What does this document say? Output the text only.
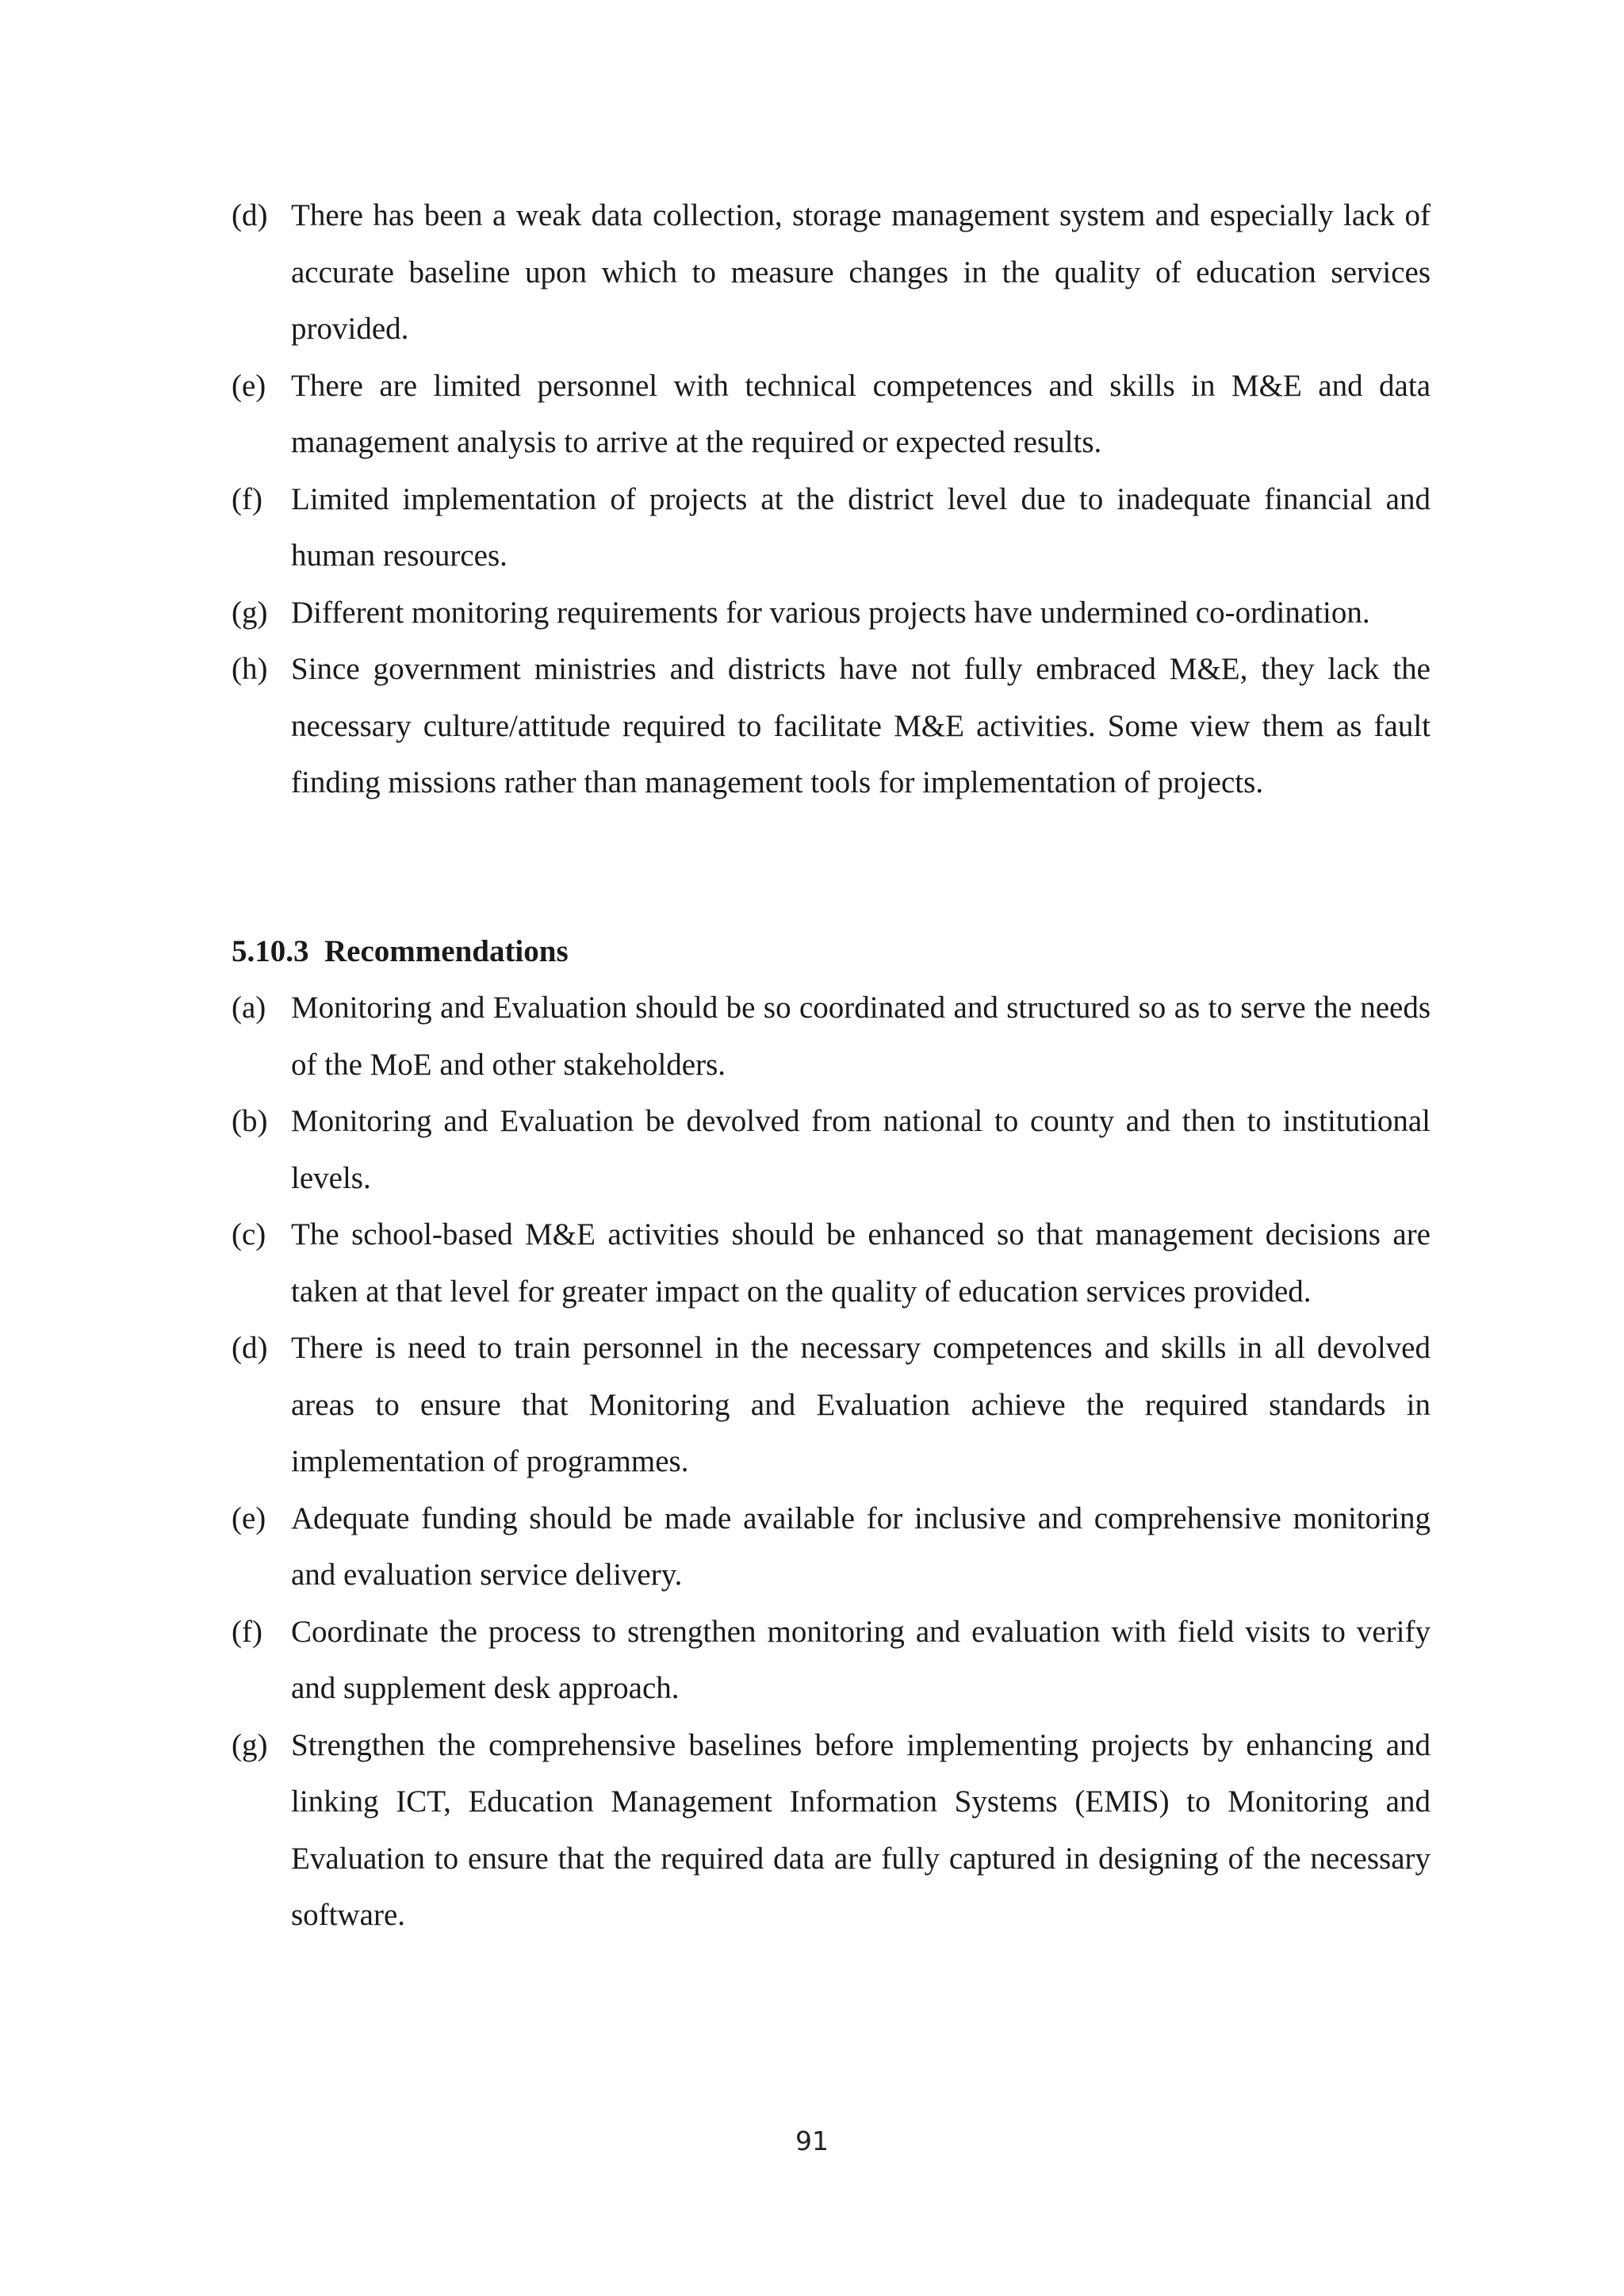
(d) There has been a weak data collection, storage management system and especially lack of accurate baseline upon which to measure changes in the quality of education services provided.
(e) There are limited personnel with technical competences and skills in M&E and data management analysis to arrive at the required or expected results.
(f) Limited implementation of projects at the district level due to inadequate financial and human resources.
(g) Different monitoring requirements for various projects have undermined co-ordination.
(h) Since government ministries and districts have not fully embraced M&E, they lack the necessary culture/attitude required to facilitate M&E activities. Some view them as fault finding missions rather than management tools for implementation of projects.
5.10.3 Recommendations
(a) Monitoring and Evaluation should be so coordinated and structured so as to serve the needs of the MoE and other stakeholders.
(b) Monitoring and Evaluation be devolved from national to county and then to institutional levels.
(c) The school-based M&E activities should be enhanced so that management decisions are taken at that level for greater impact on the quality of education services provided.
(d) There is need to train personnel in the necessary competences and skills in all devolved areas to ensure that Monitoring and Evaluation achieve the required standards in implementation of programmes.
(e) Adequate funding should be made available for inclusive and comprehensive monitoring and evaluation service delivery.
(f) Coordinate the process to strengthen monitoring and evaluation with field visits to verify and supplement desk approach.
(g) Strengthen the comprehensive baselines before implementing projects by enhancing and linking ICT, Education Management Information Systems (EMIS) to Monitoring and Evaluation to ensure that the required data are fully captured in designing of the necessary software.
91
